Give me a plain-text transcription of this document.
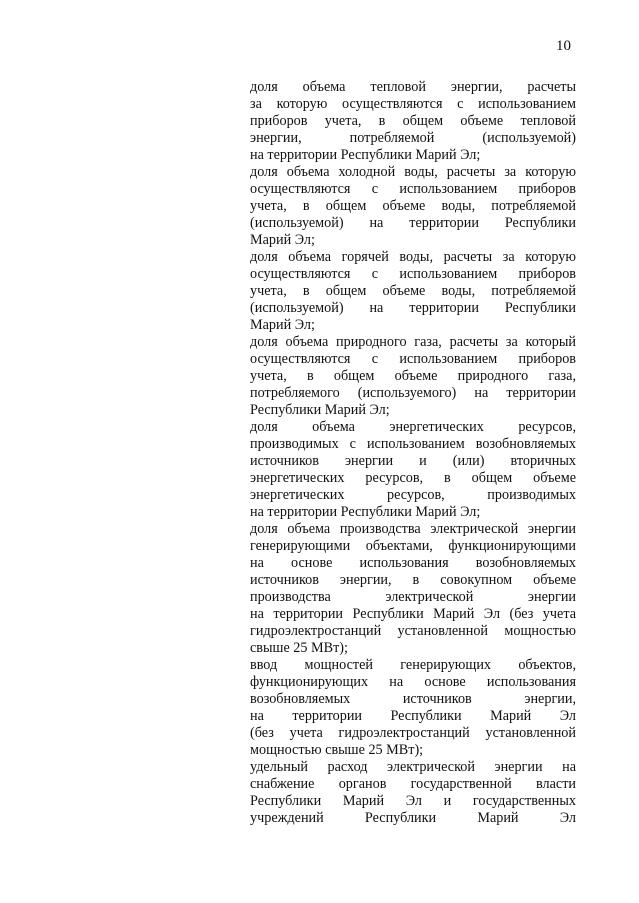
10
доля объема тепловой энергии, расчеты
за которую осуществляются с использованием
приборов учета, в общем объеме тепловой
энергии, потребляемой (используемой)
на территории Республики Марий Эл;
доля объема холодной воды, расчеты за которую
осуществляются с использованием приборов
учета, в общем объеме воды, потребляемой
(используемой) на территории Республики
Марий Эл;
доля объема горячей воды, расчеты за которую
осуществляются с использованием приборов
учета, в общем объеме воды, потребляемой
(используемой) на территории Республики
Марий Эл;
доля объема природного газа, расчеты за который
осуществляются с использованием приборов
учета, в общем объеме природного газа,
потребляемого (используемого) на территории
Республики Марий Эл;
доля объема энергетических ресурсов,
производимых с использованием возобновляемых
источников энергии и (или) вторичных
энергетических ресурсов, в общем объеме
энергетических ресурсов, производимых
на территории Республики Марий Эл;
доля объема производства электрической энергии
генерирующими объектами, функционирующими
на основе использования возобновляемых
источников энергии, в совокупном объеме
производства электрической энергии
на территории Республики Марий Эл (без учета
гидроэлектростанций установленной мощностью
свыше 25 МВт);
ввод мощностей генерирующих объектов,
функционирующих на основе использования
возобновляемых источников энергии,
на территории Республики Марий Эл
(без учета гидроэлектростанций установленной
мощностью свыше 25 МВт);
удельный расход электрической энергии на
снабжение органов государственной власти
Республики Марий Эл и государственных
учреждений Республики Марий Эл
